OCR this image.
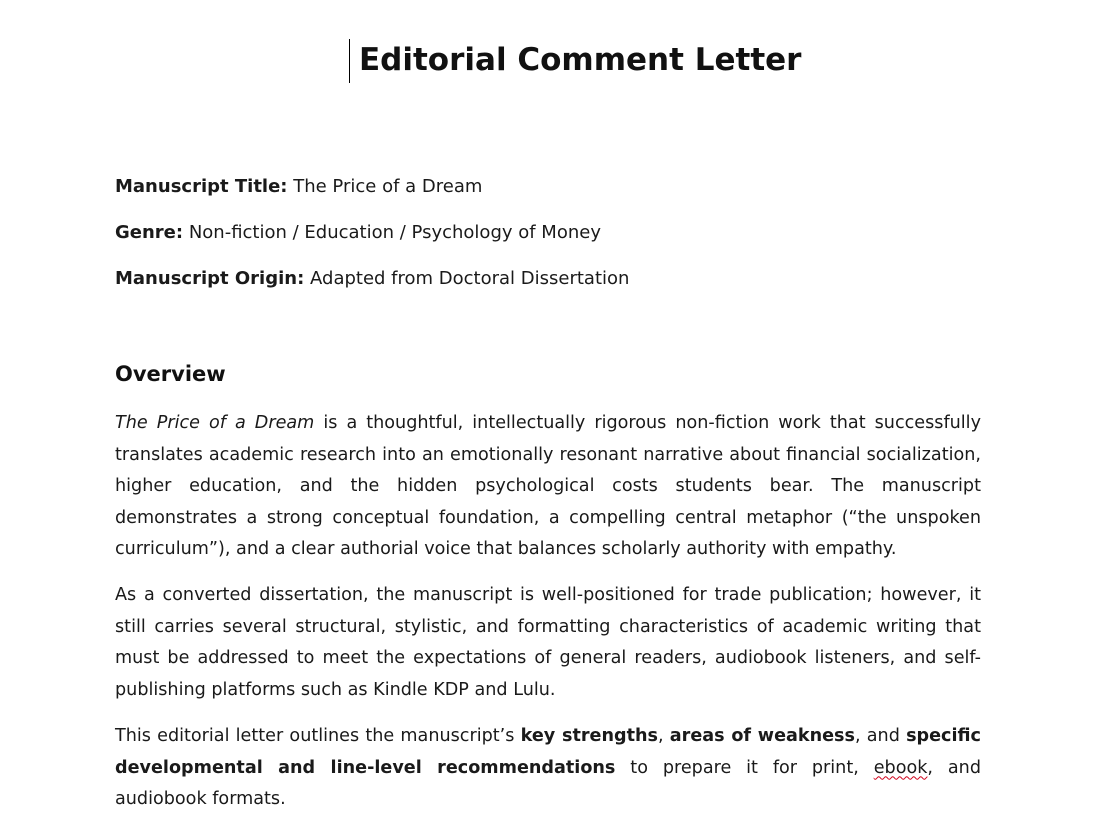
Editorial Comment Letter
Manuscript Title: The Price of a Dream
Genre: Non-fiction / Education / Psychology of Money
Manuscript Origin: Adapted from Doctoral Dissertation
Overview
The Price of a Dream is a thoughtful, intellectually rigorous non-fiction work that successfully translates academic research into an emotionally resonant narrative about financial socialization, higher education, and the hidden psychological costs students bear. The manuscript demonstrates a strong conceptual foundation, a compelling central metaphor (“the unspoken curriculum”), and a clear authorial voice that balances scholarly authority with empathy.
As a converted dissertation, the manuscript is well-positioned for trade publication; however, it still carries several structural, stylistic, and formatting characteristics of academic writing that must be addressed to meet the expectations of general readers, audiobook listeners, and self-publishing platforms such as Kindle KDP and Lulu.
This editorial letter outlines the manuscript’s key strengths, areas of weakness, and specific developmental and line-level recommendations to prepare it for print, ebook, and audiobook formats.
